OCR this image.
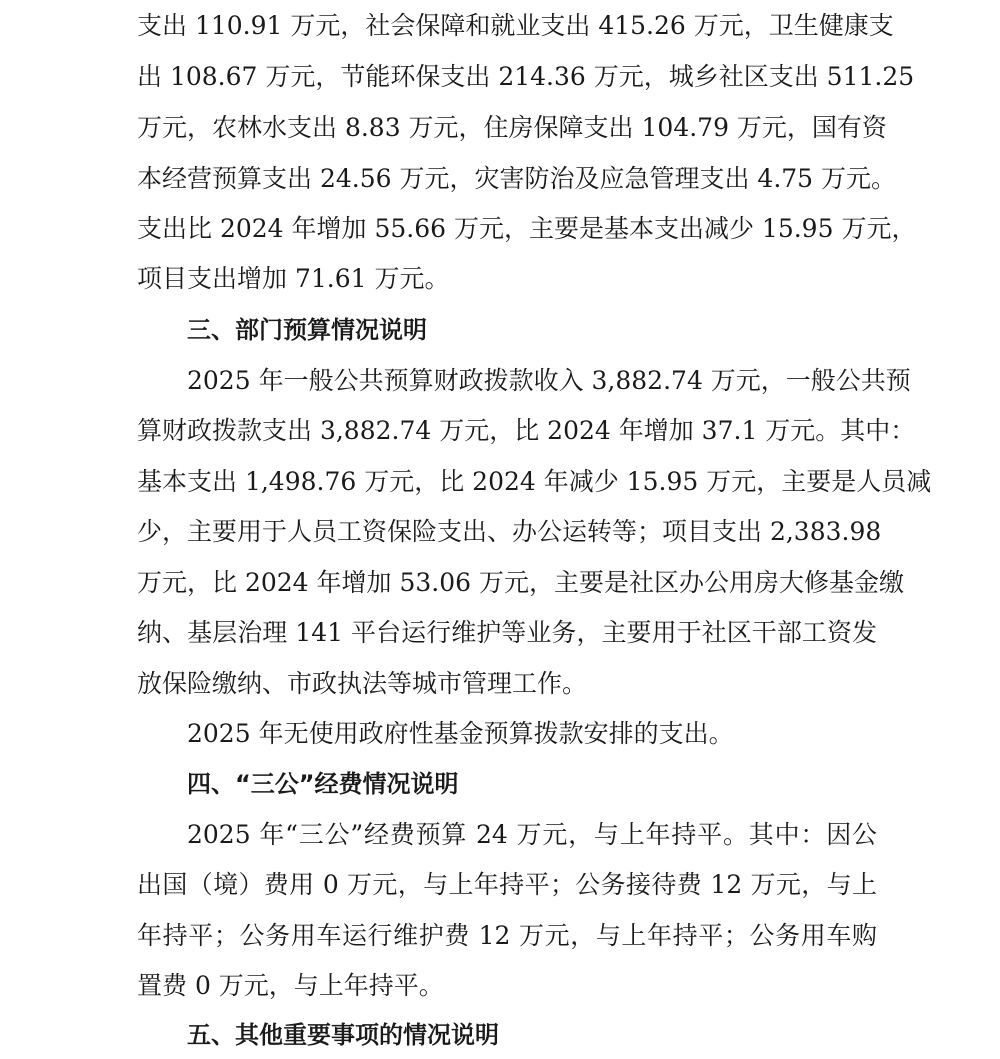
支出 110.91 万元，社会保障和就业支出 415.26 万元，卫生健康支
出 108.67 万元，节能环保支出 214.36 万元，城乡社区支出 511.25
万元，农林水支出 8.83 万元，住房保障支出 104.79 万元，国有资
本经营预算支出 24.56 万元，灾害防治及应急管理支出 4.75 万元。
支出比 2024 年增加 55.66 万元，主要是基本支出减少 15.95 万元，
项目支出增加 71.61 万元。
三、部门预算情况说明
2025 年一般公共预算财政拨款收入 3,882.74 万元，一般公共预
算财政拨款支出 3,882.74 万元，比 2024 年增加 37.1 万元。其中：
基本支出 1,498.76 万元，比 2024 年减少 15.95 万元，主要是人员减
少，主要用于人员工资保险支出、办公运转等；项目支出 2,383.98
万元，比 2024 年增加 53.06 万元，主要是社区办公用房大修基金缴
纳、基层治理 141 平台运行维护等业务，主要用于社区干部工资发
放保险缴纳、市政执法等城市管理工作。
2025 年无使用政府性基金预算拨款安排的支出。
四、“三公”经费情况说明
2025 年“三公”经费预算 24 万元，与上年持平。其中：因公
出国（境）费用 0 万元，与上年持平；公务接待费 12 万元，与上
年持平；公务用车运行维护费 12 万元，与上年持平；公务用车购
置费 0 万元，与上年持平。
五、其他重要事项的情况说明
